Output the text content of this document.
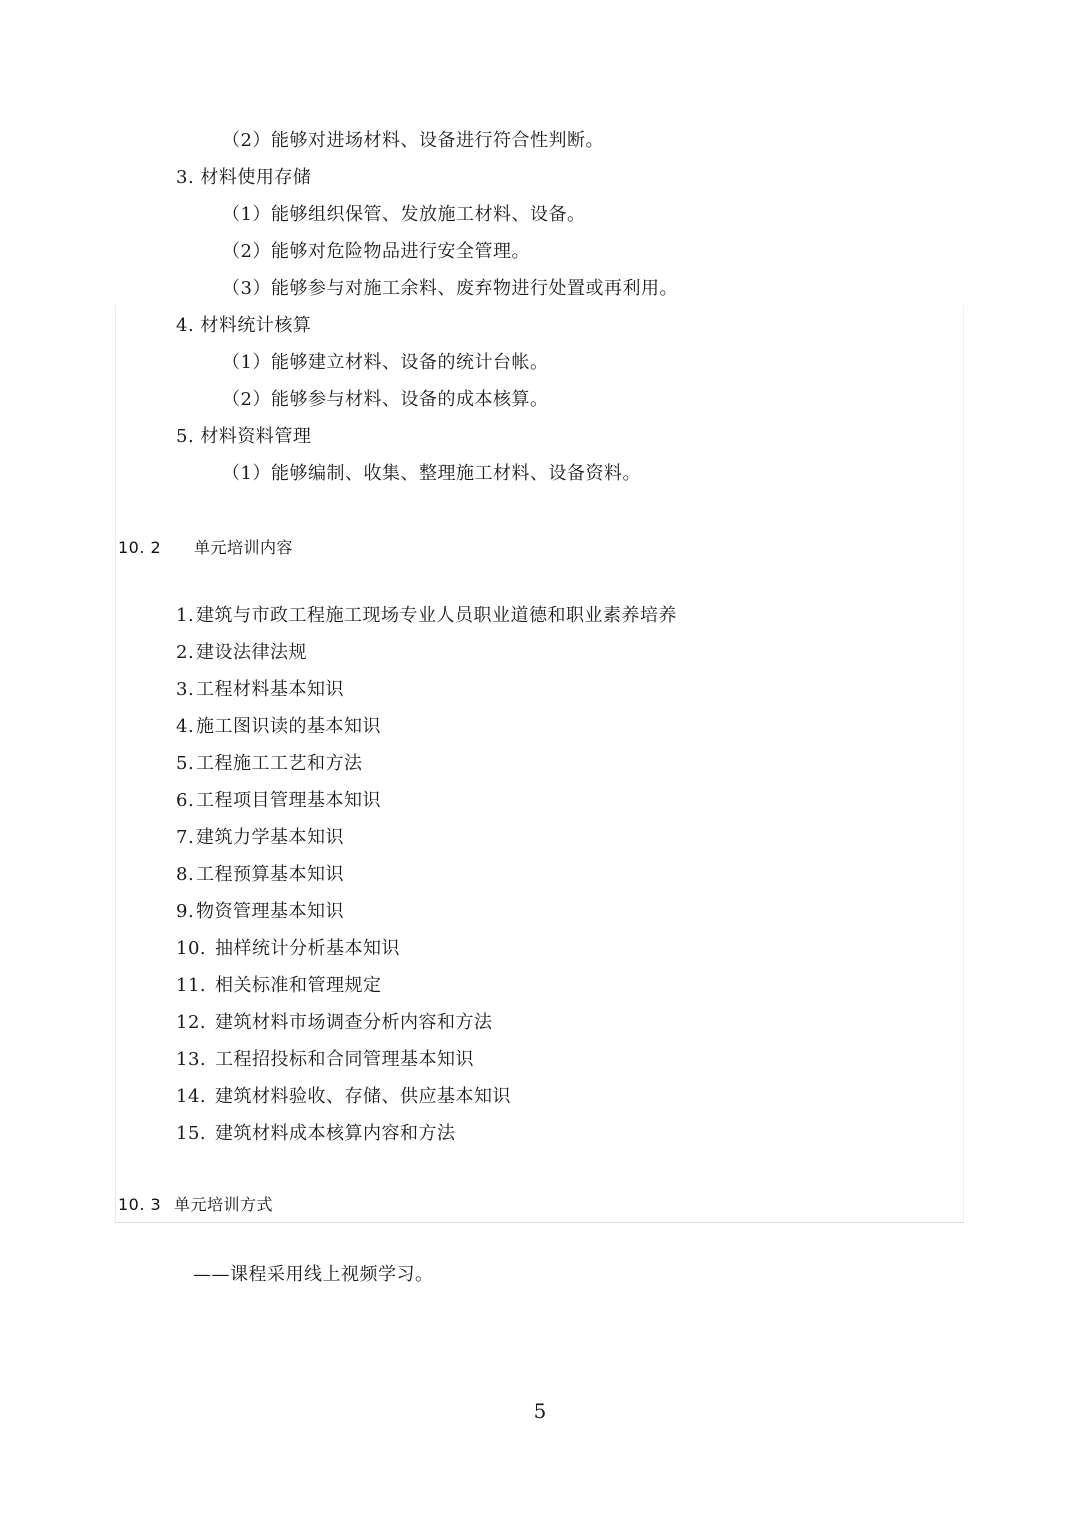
（2）能够对进场材料、设备进行符合性判断。
3. 材料使用存储
（1）能够组织保管、发放施工材料、设备。
（2）能够对危险物品进行安全管理。
（3）能够参与对施工余料、废弃物进行处置或再利用。
4. 材料统计核算
（1）能够建立材料、设备的统计台帐。
（2）能够参与材料、设备的成本核算。
5. 材料资料管理
（1）能够编制、收集、整理施工材料、设备资料。
10. 2 单元培训内容
1. 建筑与市政工程施工现场专业人员职业道德和职业素养培养
2. 建设法律法规
3. 工程材料基本知识
4. 施工图识读的基本知识
5. 工程施工工艺和方法
6. 工程项目管理基本知识
7. 建筑力学基本知识
8. 工程预算基本知识
9. 物资管理基本知识
10. 抽样统计分析基本知识
11. 相关标准和管理规定
12. 建筑材料市场调查分析内容和方法
13. 工程招投标和合同管理基本知识
14. 建筑材料验收、存储、供应基本知识
15. 建筑材料成本核算内容和方法
10. 3 单元培训方式
——课程采用线上视频学习。
5
